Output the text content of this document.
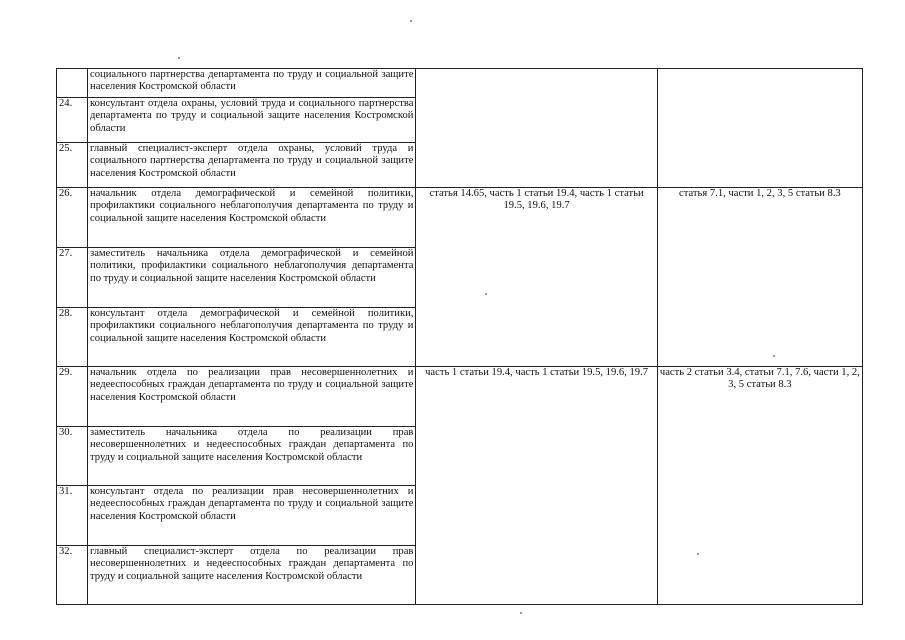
	социального партнерства департамента по труду и социальной защите населения Костромской области		
24.	консультант отдела охраны, условий труда и социального партнерства департамента по труду и социальной защите населения Костромской области		
25.	главный специалист-эксперт отдела охраны, условий труда и социального партнерства департамента по труду и социальной защите населения Костромской области		
26.	начальник отдела демографической и семейной политики, профилактики социального неблагополучия департамента по труду и социальной защите населения Костромской области	статья 14.65, часть 1 статьи 19.4, часть 1 статьи 19.5, 19.6, 19.7	статья 7.1, части 1, 2, 3, 5 статьи 8.3
27.	заместитель начальника отдела демографической и семейной политики, профилактики социального неблагополучия департамента по труду и социальной защите населения Костромской области		
28.	консультант отдела демографической и семейной политики, профилактики социального неблагополучия департамента по труду и социальной защите населения Костромской области		
29.	начальник отдела по реализации прав несовершеннолетних и недееспособных граждан департамента по труду и социальной защите населения Костромской области	часть 1 статьи 19.4, часть 1 статьи 19.5, 19.6, 19.7	часть 2 статьи 3.4, статьи 7.1, 7.6, части 1, 2, 3, 5 статьи 8.3
30.	заместитель начальника отдела по реализации прав несовершеннолетних и недееспособных граждан департамента по труду и социальной защите населения Костромской области		
31.	консультант отдела по реализации прав несовершеннолетних и недееспособных граждан департамента по труду и социальной защите населения Костромской области		
32.	главный специалист-эксперт отдела по реализации прав несовершеннолетних и недееспособных граждан департамента по труду и социальной защите населения Костромской области		
